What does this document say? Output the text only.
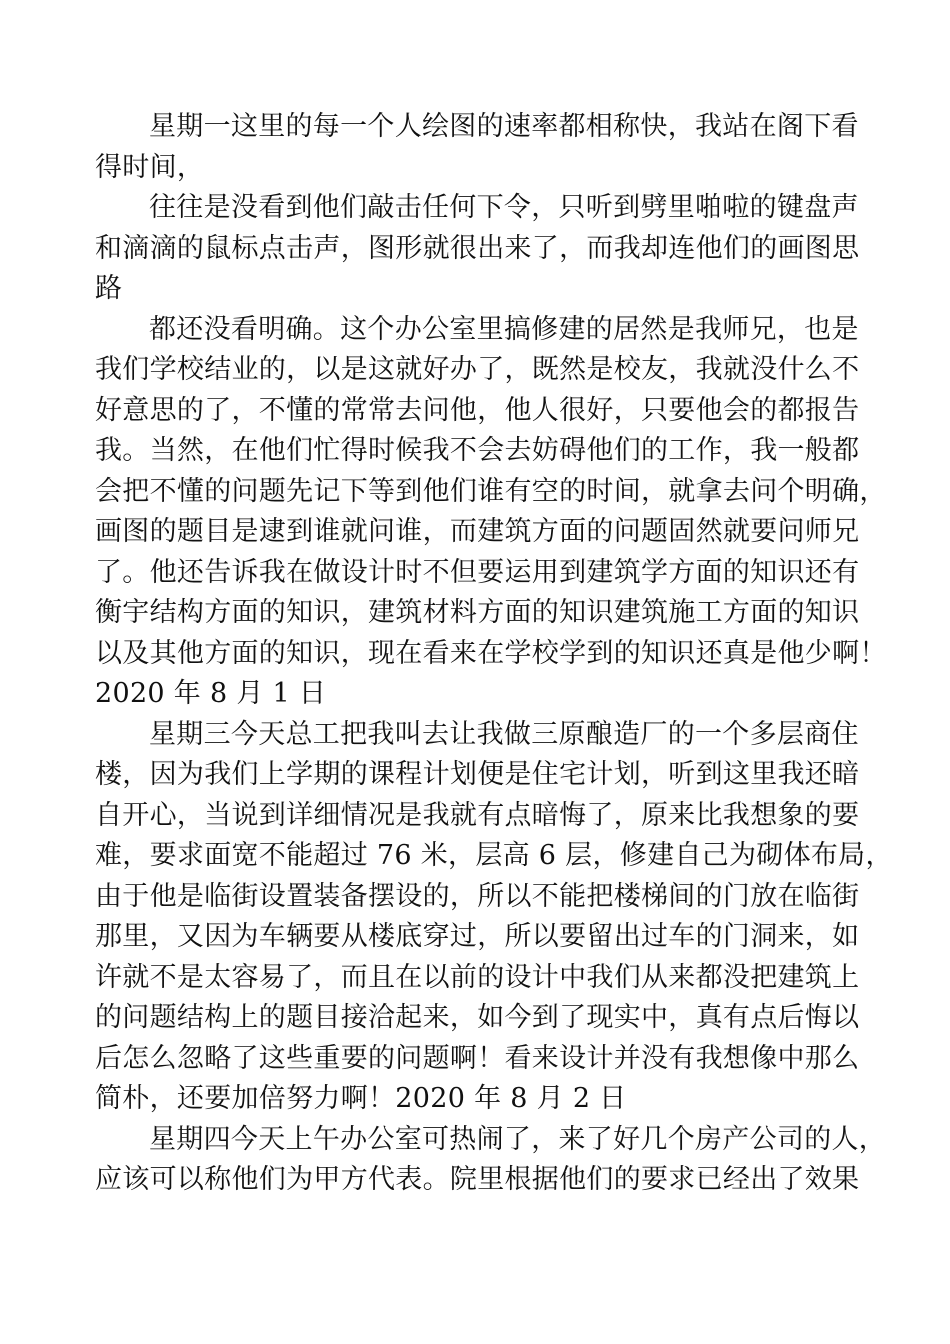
星期一这里的每一个人绘图的速率都相称快，我站在阁下看
得时间，
往往是没看到他们敲击任何下令，只听到劈里啪啦的键盘声
和滴滴的鼠标点击声，图形就很出来了，而我却连他们的画图思
路
都还没看明确。这个办公室里搞修建的居然是我师兄，也是
我们学校结业的，以是这就好办了，既然是校友，我就没什么不
好意思的了，不懂的常常去问他，他人很好，只要他会的都报告
我。当然，在他们忙得时候我不会去妨碍他们的工作，我一般都
会把不懂的问题先记下等到他们谁有空的时间，就拿去问个明确，
画图的题目是逮到谁就问谁，而建筑方面的问题固然就要问师兄
了。他还告诉我在做设计时不但要运用到建筑学方面的知识还有
衡宇结构方面的知识，建筑材料方面的知识建筑施工方面的知识
以及其他方面的知识，现在看来在学校学到的知识还真是他少啊！
2020 年 8 月 1 日
星期三今天总工把我叫去让我做三原酿造厂的一个多层商住
楼，因为我们上学期的课程计划便是住宅计划，听到这里我还暗
自开心，当说到详细情况是我就有点暗悔了，原来比我想象的要
难，要求面宽不能超过 76 米，层高 6 层，修建自己为砌体布局，
由于他是临街设置装备摆设的，所以不能把楼梯间的门放在临街
那里，又因为车辆要从楼底穿过，所以要留出过车的门洞来，如
许就不是太容易了，而且在以前的设计中我们从来都没把建筑上
的问题结构上的题目接洽起来，如今到了现实中，真有点后悔以
后怎么忽略了这些重要的问题啊！看来设计并没有我想像中那么
简朴，还要加倍努力啊！2020 年 8 月 2 日
星期四今天上午办公室可热闹了，来了好几个房产公司的人，
应该可以称他们为甲方代表。院里根据他们的要求已经出了效果
